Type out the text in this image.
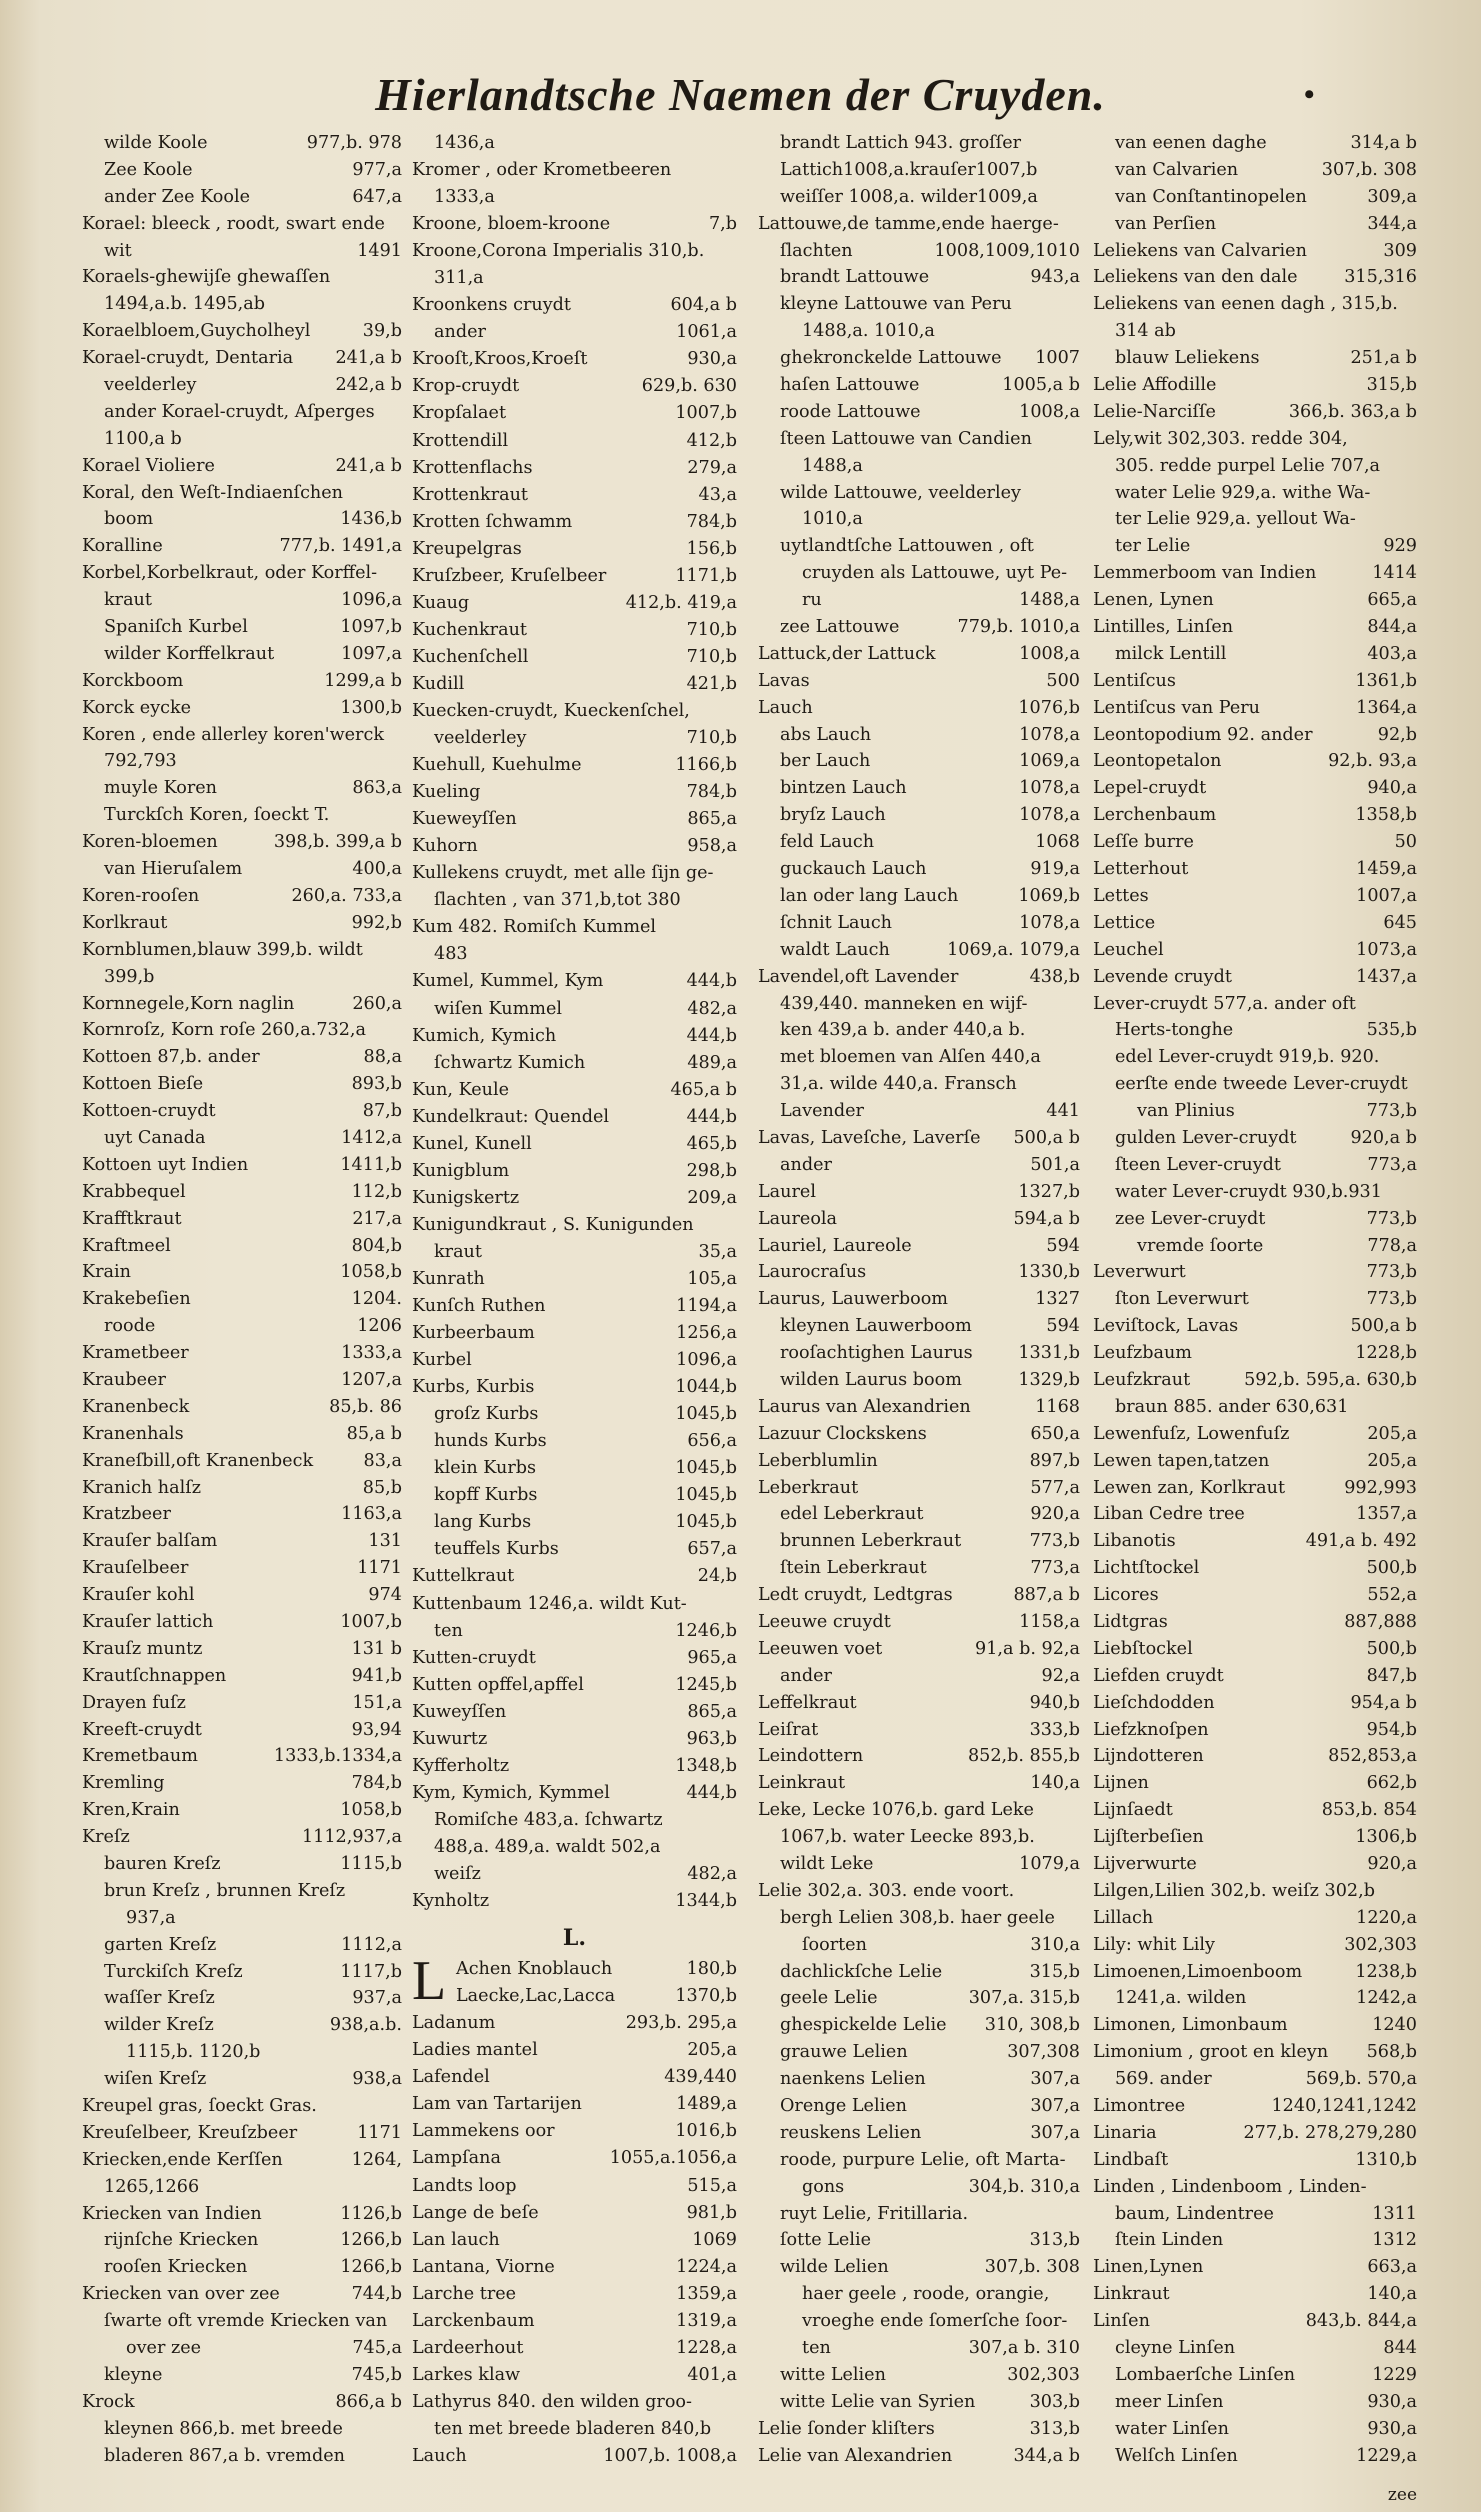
Hierlandtsche Naemen der Cruyden.	•
wilde Koole	977,b. 978
Zee Koole	977,a
ander Zee Koole	647,a
Korael: bleeck , roodt, swart ende
wit	1491
Koraels-ghewijſe ghewaſſen
1494,a.b. 1495,ab
Koraelbloem,Guycholheyl	39,b
Korael-cruydt, Dentaria 241,a b
veelderley	242,a b
ander Korael-cruydt, Aſperges
1100,a b
Korael Violiere	241,a b
Koral, den Weſt-Indiaenſchen
boom	1436,b
Koralline	777,b. 1491,a
Korbel,Korbelkraut, oder Korffel-
kraut	1096,a
Spaniſch Kurbel	1097,b
wilder Korffelkraut	1097,a
Korckboom	1299,a b
Korck eycke	1300,b
Koren , ende allerley koren'werck
792,793
muyle Koren	863,a
Turckſch Koren, ſoeckt T.
Koren-bloemen	398,b. 399,a b
van Hieruſalem	400,a
Koren-rooſen	260,a. 733,a
Korlkraut	992,b
Kornblumen,blauw 399,b. wildt
399,b
Kornnegele,Korn naglin	260,a
Kornroſz, Korn roſe 260,a.732,a
Kottoen 87,b. ander	88,a
Kottoen Bieſe	893,b
Kottoen-cruydt	87,b
uyt Canada	1412,a
Kottoen uyt Indien	1411,b
Krabbequel	112,b
Krafftkraut	217,a
Kraftmeel	804,b
Krain	1058,b
Krakebeſien	1204.
roode	1206
Krametbeer	1333,a
Kraubeer	1207,a
Kranenbeck	85,b. 86
Kranenhals	85,a b
Kraneſbill,oft Kranenbeck	83,a
Kranich halſz	85,b
Kratzbeer	1163,a
Krauſer balſam	131
Krauſelbeer	1171
Krauſer kohl	974
Krauſer lattich	1007,b
Krauſz muntz	131 b
Krautſchnappen	941,b
Drayen fuſz	151,a
Kreeft-cruydt	93,94
Kremetbaum	1333,b.1334,a
Kremling	784,b
Kren,Krain	1058,b
Kreſz	1112,937,a
bauren Kreſz	1115,b
brun Kreſz , brunnen Kreſz
937,a
garten Kreſz	1112,a
Turckiſch Kreſz	1117,b
waſſer Kreſz	937,a
wilder Kreſz	938,a.b.
1115,b. 1120,b
wiſen Kreſz	938,a
Kreupel gras, ſoeckt Gras.
Kreuſelbeer, Kreuſzbeer	1171
Kriecken,ende Kerſſen	1264,
1265,1266
Kriecken van Indien	1126,b
rijnſche Kriecken	1266,b
rooſen Kriecken	1266,b
Kriecken van over zee	744,b
ſwarte oft vremde Kriecken van
over zee	745,a
kleyne	745,b
Krock	866,a b
kleynen 866,b. met breede
bladeren 867,a b. vremden
1436,a
Kromer , oder Krometbeeren
1333,a
Kroone, bloem-kroone	7,b
Kroone,Corona Imperialis 310,b.
311,a
Kroonkens cruydt	604,a b
ander	1061,a
Krooſt,Kroos,Kroeſt	930,a
Krop-cruydt	629,b. 630
Kropſalaet	1007,b
Krottendill	412,b
Krottenflachs	279,a
Krottenkraut	43,a
Krotten ſchwamm	784,b
Kreupelgras	156,b
Kruſzbeer, Kruſelbeer	1171,b
Kuaug	412,b. 419,a
Kuchenkraut	710,b
Kuchenſchell	710,b
Kudill	421,b
Kuecken-cruydt, Kueckenſchel,
veelderley	710,b
Kuehull, Kuehulme	1166,b
Kueling	784,b
Kueweyſſen	865,a
Kuhorn	958,a
Kullekens cruydt, met alle ſijn ge-
ſlachten , van 371,b,tot 380
Kum 482. Romiſch Kummel
483
Kumel, Kummel, Kym	444,b
wiſen Kummel	482,a
Kumich, Kymich	444,b
ſchwartz Kumich	489,a
Kun, Keule	465,a b
Kundelkraut: Quendel	444,b
Kunel, Kunell	465,b
Kunigblum	298,b
Kunigskertz	209,a
Kunigundkraut , S. Kunigunden
kraut	35,a
Kunrath	105,a
Kunſch Ruthen	1194,a
Kurbeerbaum	1256,a
Kurbel	1096,a
Kurbs, Kurbis	1044,b
groſz Kurbs	1045,b
hunds Kurbs	656,a
klein Kurbs	1045,b
kopff Kurbs	1045,b
lang Kurbs	1045,b
teuffels Kurbs	657,a
Kuttelkraut	24,b
Kuttenbaum 1246,a. wildt Kut-
ten	1246,b
Kutten-cruydt	965,a
Kutten opffel,apffel	1245,b
Kuweyſſen	865,a
Kuwurtz	963,b
Kyfferholtz	1348,b
Kym, Kymich, Kymmel	444,b
Romiſche 483,a. ſchwartz
488,a. 489,a. waldt 502,a
weiſz	482,a
Kynholtz	1344,b
L.
Achen Knoblauch	180,b
L Laecke,Lac,Lacca	1370,b
Ladanum	293,b. 295,a
Ladies mantel	205,a
Lafendel	439,440
Lam van Tartarijen	1489,a
Lammekens oor	1016,b
Lampſana	1055,a.1056,a
Landts loop	515,a
Lange de beſe	981,b
Lan lauch	1069
Lantana, Viorne	1224,a
Larche tree	1359,a
Larckenbaum	1319,a
Lardeerhout	1228,a
Larkes klaw	401,a
Lathyrus 840. den wilden groo-
ten met breede bladeren 840,b
Lauch	1007,b. 1008,a
brandt Lattich 943. groſſer
Lattich1008,a.krauſer1007,b
weiſſer 1008,a. wilder1009,a
Lattouwe,de tamme,ende haerge-
ſlachten	1008,1009,1010
brandt Lattouwe	943,a
kleyne Lattouwe van Peru
1488,a. 1010,a
ghekronckelde Lattouwe 1007
haſen Lattouwe	1005,a b
roode Lattouwe	1008,a
ſteen Lattouwe van Candien
1488,a
wilde Lattouwe, veelderley
1010,a
uytlandtſche Lattouwen , oft
cruyden als Lattouwe, uyt Pe-
ru	1488,a
zee Lattouwe	779,b. 1010,a
Lattuck,der Lattuck	1008,a
Lavas	500
Lauch	1076,b
abs Lauch	1078,a
ber Lauch	1069,a
bintzen Lauch	1078,a
bryſz Lauch	1078,a
feld Lauch	1068
guckauch Lauch	919,a
lan oder lang Lauch	1069,b
ſchnit Lauch	1078,a
waldt Lauch	1069,a. 1079,a
Lavendel,oft Lavender	438,b
439,440. manneken en wijf-
ken 439,a b. ander 440,a b.
met bloemen van Alſen 440,a
31,a. wilde 440,a. Fransch
Lavender	441
Lavas, Laveſche, Laverſe 500,a b
ander	501,a
Laurel	1327,b
Laureola	594,a b
Lauriel, Laureole	594
Laurocraſus	1330,b
Laurus, Lauwerboom	1327
kleynen Lauwerboom	594
rooſachtighen Laurus	1331,b
wilden Laurus boom	1329,b
Laurus van Alexandrien	1168
Lazuur Clockskens	650,a
Leberblumlin	897,b
Leberkraut	577,a
edel Leberkraut	920,a
brunnen Leberkraut	773,b
ſtein Leberkraut	773,a
Ledt cruydt, Ledtgras	887,a b
Leeuwe cruydt	1158,a
Leeuwen voet	91,a b. 92,a
ander	92,a
Leffelkraut	940,b
Leiſrat	333,b
Leindottern	852,b. 855,b
Leinkraut	140,a
Leke, Lecke 1076,b. gard Leke
1067,b. water Leecke 893,b.
wildt Leke	1079,a
Lelie 302,a. 303. ende voort.
bergh Lelien 308,b. haer geele
ſoorten	310,a
dachlickſche Lelie	315,b
geele Lelie	307,a. 315,b
ghespickelde Lelie 310, 308,b
grauwe Lelien	307,308
naenkens Lelien	307,a
Orenge Lelien	307,a
reuskens Lelien	307,a
roode, purpure Lelie, oft Marta-
gons	304,b. 310,a
ruyt Lelie, Fritillaria.
ſotte Lelie	313,b
wilde Lelien	307,b. 308
haer geele , roode, orangie,
vroeghe ende ſomerſche ſoor-
ten	307,a b. 310
witte Lelien	302,303
witte Lelie van Syrien	303,b
Lelie ſonder kliſters	313,b
Lelie van Alexandrien	344,a b
van eenen daghe	314,a b
van Calvarien	307,b. 308
van Conſtantinopelen	309,a
van Perſien	344,a
Leliekens van Calvarien	309
Leliekens van den dale	315,316
Leliekens van eenen dagh , 315,b.
314 ab
blauw Leliekens	251,a b
Lelie Affodille	315,b
Lelie-Narciſſe	366,b. 363,a b
Lely,wit 302,303. redde 304,
305. redde purpel Lelie 707,a
water Lelie 929,a. withe Wa-
ter Lelie 929,a. yellout Wa-
ter Lelie	929
Lemmerboom van Indien	1414
Lenen, Lynen	665,a
Lintilles, Linſen	844,a
milck Lentill	403,a
Lentiſcus	1361,b
Lentiſcus van Peru	1364,a
Leontopodium 92. ander	92,b
Leontopetalon	92,b. 93,a
Lepel-cruydt	940,a
Lerchenbaum	1358,b
Leſſe burre	50
Letterhout	1459,a
Lettes	1007,a
Lettice	645
Leuchel	1073,a
Levende cruydt	1437,a
Lever-cruydt 577,a. ander oft
Herts-tonghe	535,b
edel Lever-cruydt 919,b. 920.
eerſte ende tweede Lever-cruydt
van Plinius	773,b
gulden Lever-cruydt	920,a b
ſteen Lever-cruydt	773,a
water Lever-cruydt 930,b.931
zee Lever-cruydt	773,b
vremde ſoorte	778,a
Leverwurt	773,b
ſton Leverwurt	773,b
Leviſtock, Lavas	500,a b
Leufzbaum	1228,b
Leufzkraut	592,b. 595,a. 630,b
braun 885. ander 630,631
Lewenfuſz, Lowenfuſz	205,a
Lewen tapen,tatzen	205,a
Lewen zan, Korlkraut	992,993
Liban Cedre tree	1357,a
Libanotis	491,a b. 492
Lichtſtockel	500,b
Licores	552,a
Lidtgras	887,888
Liebſtockel	500,b
Liefden cruydt	847,b
Lieſchdodden	954,a b
Liefzknoſpen	954,b
Lijndotteren	852,853,a
Lijnen	662,b
Lijnſaedt	853,b. 854
Lijſterbeſien	1306,b
Lijverwurte	920,a
Lilgen,Lilien 302,b. weiſz 302,b
Lillach	1220,a
Lily: whit Lily	302,303
Limoenen,Limoenboom	1238,b
1241,a. wilden	1242,a
Limonen, Limonbaum	1240
Limonium , groot en kleyn 568,b
569. ander	569,b. 570,a
Limontree	1240,1241,1242
Linaria	277,b. 278,279,280
Lindbaſt	1310,b
Linden , Lindenboom , Linden-
baum, Lindentree	1311
ſtein Linden	1312
Linen,Lynen	663,a
Linkraut	140,a
Linſen	843,b. 844,a
cleyne Linſen	844
Lombaerſche Linſen	1229
meer Linſen	930,a
water Linſen	930,a
Welſch Linſen	1229,a
zee
